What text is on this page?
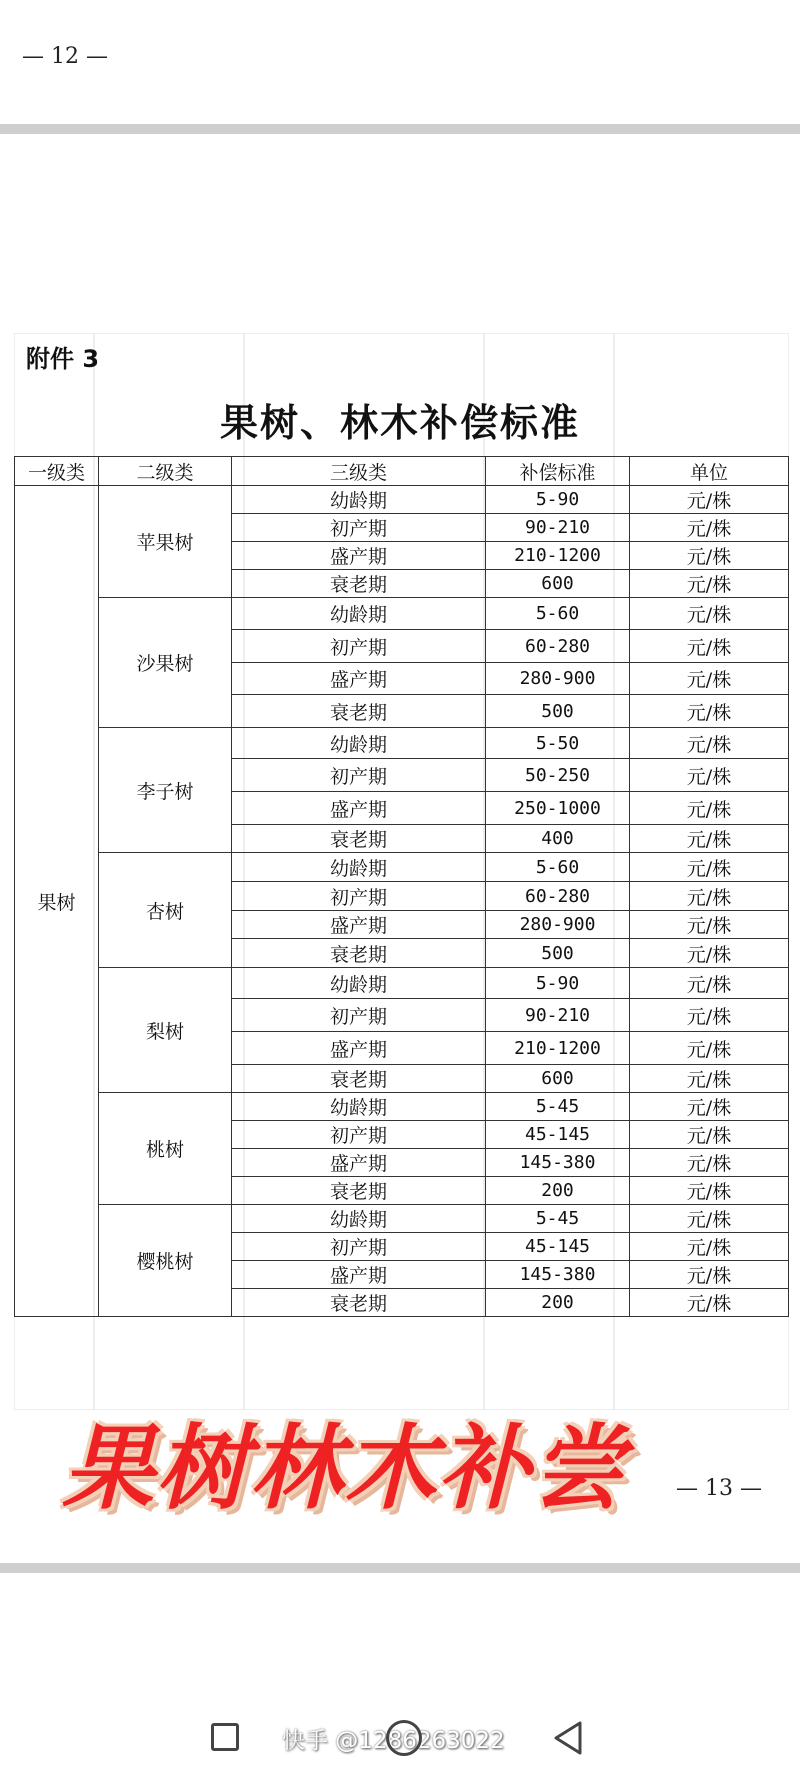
— 12 —
附件 3
果树、林木补偿标准
一级类	二级类	三级类	补偿标准	单位
果树	苹果树	幼龄期	5-90	元/株
		初产期	90-210	元/株
		盛产期	210-1200	元/株
		衰老期	600	元/株
	沙果树	幼龄期	5-60	元/株
		初产期	60-280	元/株
		盛产期	280-900	元/株
		衰老期	500	元/株
	李子树	幼龄期	5-50	元/株
		初产期	50-250	元/株
		盛产期	250-1000	元/株
		衰老期	400	元/株
	杏树	幼龄期	5-60	元/株
		初产期	60-280	元/株
		盛产期	280-900	元/株
		衰老期	500	元/株
	梨树	幼龄期	5-90	元/株
		初产期	90-210	元/株
		盛产期	210-1200	元/株
		衰老期	600	元/株
	桃树	幼龄期	5-45	元/株
		初产期	45-145	元/株
		盛产期	145-380	元/株
		衰老期	200	元/株
	樱桃树	幼龄期	5-45	元/株
		初产期	45-145	元/株
		盛产期	145-380	元/株
		衰老期	200	元/株
果树林木补尝 — 13 —
快手 @1286263022
